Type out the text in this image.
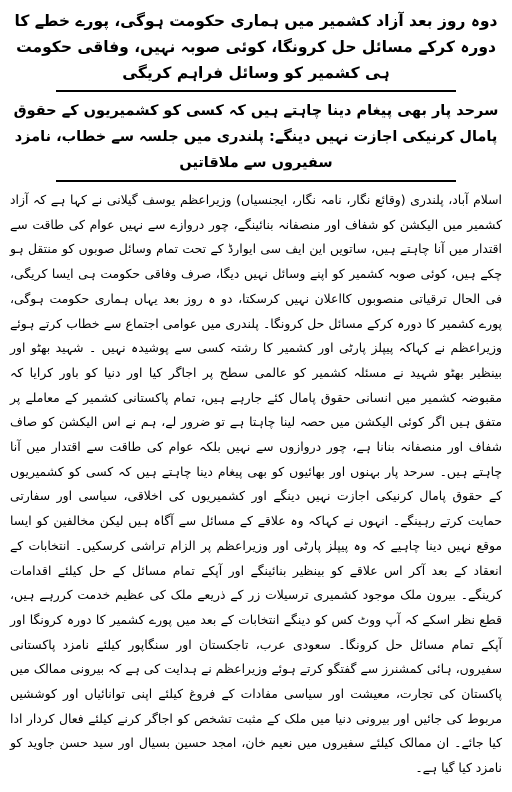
دوہ روز بعد آزاد کشمیر میں ہماری حکومت ہوگی، پورے خطے کا دورہ کرکے مسائل حل کرونگا، کوئی صوبہ نہیں، وفاقی حکومت ہی کشمیر کو وسائل فراہم کریگی
سرحد پار بھی پیغام دینا چاہتے ہیں کہ کسی کو کشمیریوں کے حقوق پامال کرنیکی اجازت نہیں دینگے: پلندری میں جلسہ سے خطاب، نامزد سفیروں سے ملاقاتیں

اسلام آباد، پلندری (وقائع نگار، نامہ نگار، ایجنسیاں) وزیراعظم یوسف گیلانی نے کہا ہے کہ آزاد کشمیر میں الیکشن کو شفاف اور منصفانہ بنائینگے، چور دروازے سے نہیں عوام کی طاقت سے اقتدار میں آنا چاہتے ہیں، ساتویں این ایف سی ایوارڈ کے تحت تمام وسائل صوبوں کو منتقل ہو چکے ہیں، کوئی صوبہ کشمیر کو اپنے وسائل نہیں دیگا، صرف وفاقی حکومت ہی ایسا کریگی، فی الحال ترقیاتی منصوبوں کااعلان نہیں کرسکتا، دو ہ روز بعد یہاں ہماری حکومت ہوگی، پورے کشمیر کا دورہ کرکے مسائل حل کرونگا۔ پلندری میں عوامی اجتماع سے خطاب کرتے ہوئے وزیراعظم نے کہاکہ پیپلز پارٹی اور کشمیر کا رشتہ کسی سے پوشیدہ نہیں ۔ شہید بھٹو اور بینظیر بھٹو شہید نے مسئلہ کشمیر کو عالمی سطح پر اجاگر کیا اور دنیا کو باور کرایا کہ مقبوضہ کشمیر میں انسانی حقوق پامال کئے جارہے ہیں، تمام پاکستانی کشمیر کے معاملے پر متفق ہیں اگر کوئی الیکشن میں حصہ لینا چاہتا ہے تو ضرور لے، ہم نے اس الیکشن کو صاف شفاف اور منصفانہ بنانا ہے، چور دروازوں سے نہیں بلکہ عوام کی طاقت سے اقتدار میں آنا چاہتے ہیں۔ سرحد پار بہنوں اور بھائیوں کو بھی پیغام دینا چاہتے ہیں کہ کسی کو کشمیریوں کے حقوق پامال کرنیکی اجازت نہیں دینگے اور کشمیریوں کی اخلاقی، سیاسی اور سفارتی حمایت کرتے رہینگے۔ انہوں نے کہاکہ وہ علاقے کے مسائل سے آگاہ ہیں لیکن مخالفین کو ایسا موقع نہیں دینا چاہیے کہ وہ پیپلز پارٹی اور وزیراعظم پر الزام تراشی کرسکیں۔ انتخابات کے انعقاد کے بعد آکر اس علاقے کو بینظیر بنائینگے اور آپکے تمام مسائل کے حل کیلئے اقدامات کرینگے۔ بیرون ملک موجود کشمیری ترسیلات زر کے ذریعے ملک کی عظیم خدمت کررہے ہیں، قطع نظر اسکے کہ آپ ووٹ کس کو دینگے انتخابات کے بعد میں پورے کشمیر کا دورہ کرونگا اور آپکے تمام مسائل حل کرونگا۔ سعودی عرب، تاجکستان اور سنگاپور کیلئے نامزد پاکستانی سفیروں، ہائی کمشنرز سے گفتگو کرتے ہوئے وزیراعظم نے ہدایت کی ہے کہ بیرونی ممالک میں پاکستان کی تجارت، معیشت اور سیاسی مفادات کے فروغ کیلئے اپنی توانائیاں اور کوششیں مربوط کی جائیں اور بیرونی دنیا میں ملک کے مثبت تشخص کو اجاگر کرنے کیلئے فعال کردار ادا کیا جائے۔ ان ممالک کیلئے سفیروں میں نعیم خان، امجد حسین بسیال اور سید حسن جاوید کو نامزد کیا گیا ہے۔
